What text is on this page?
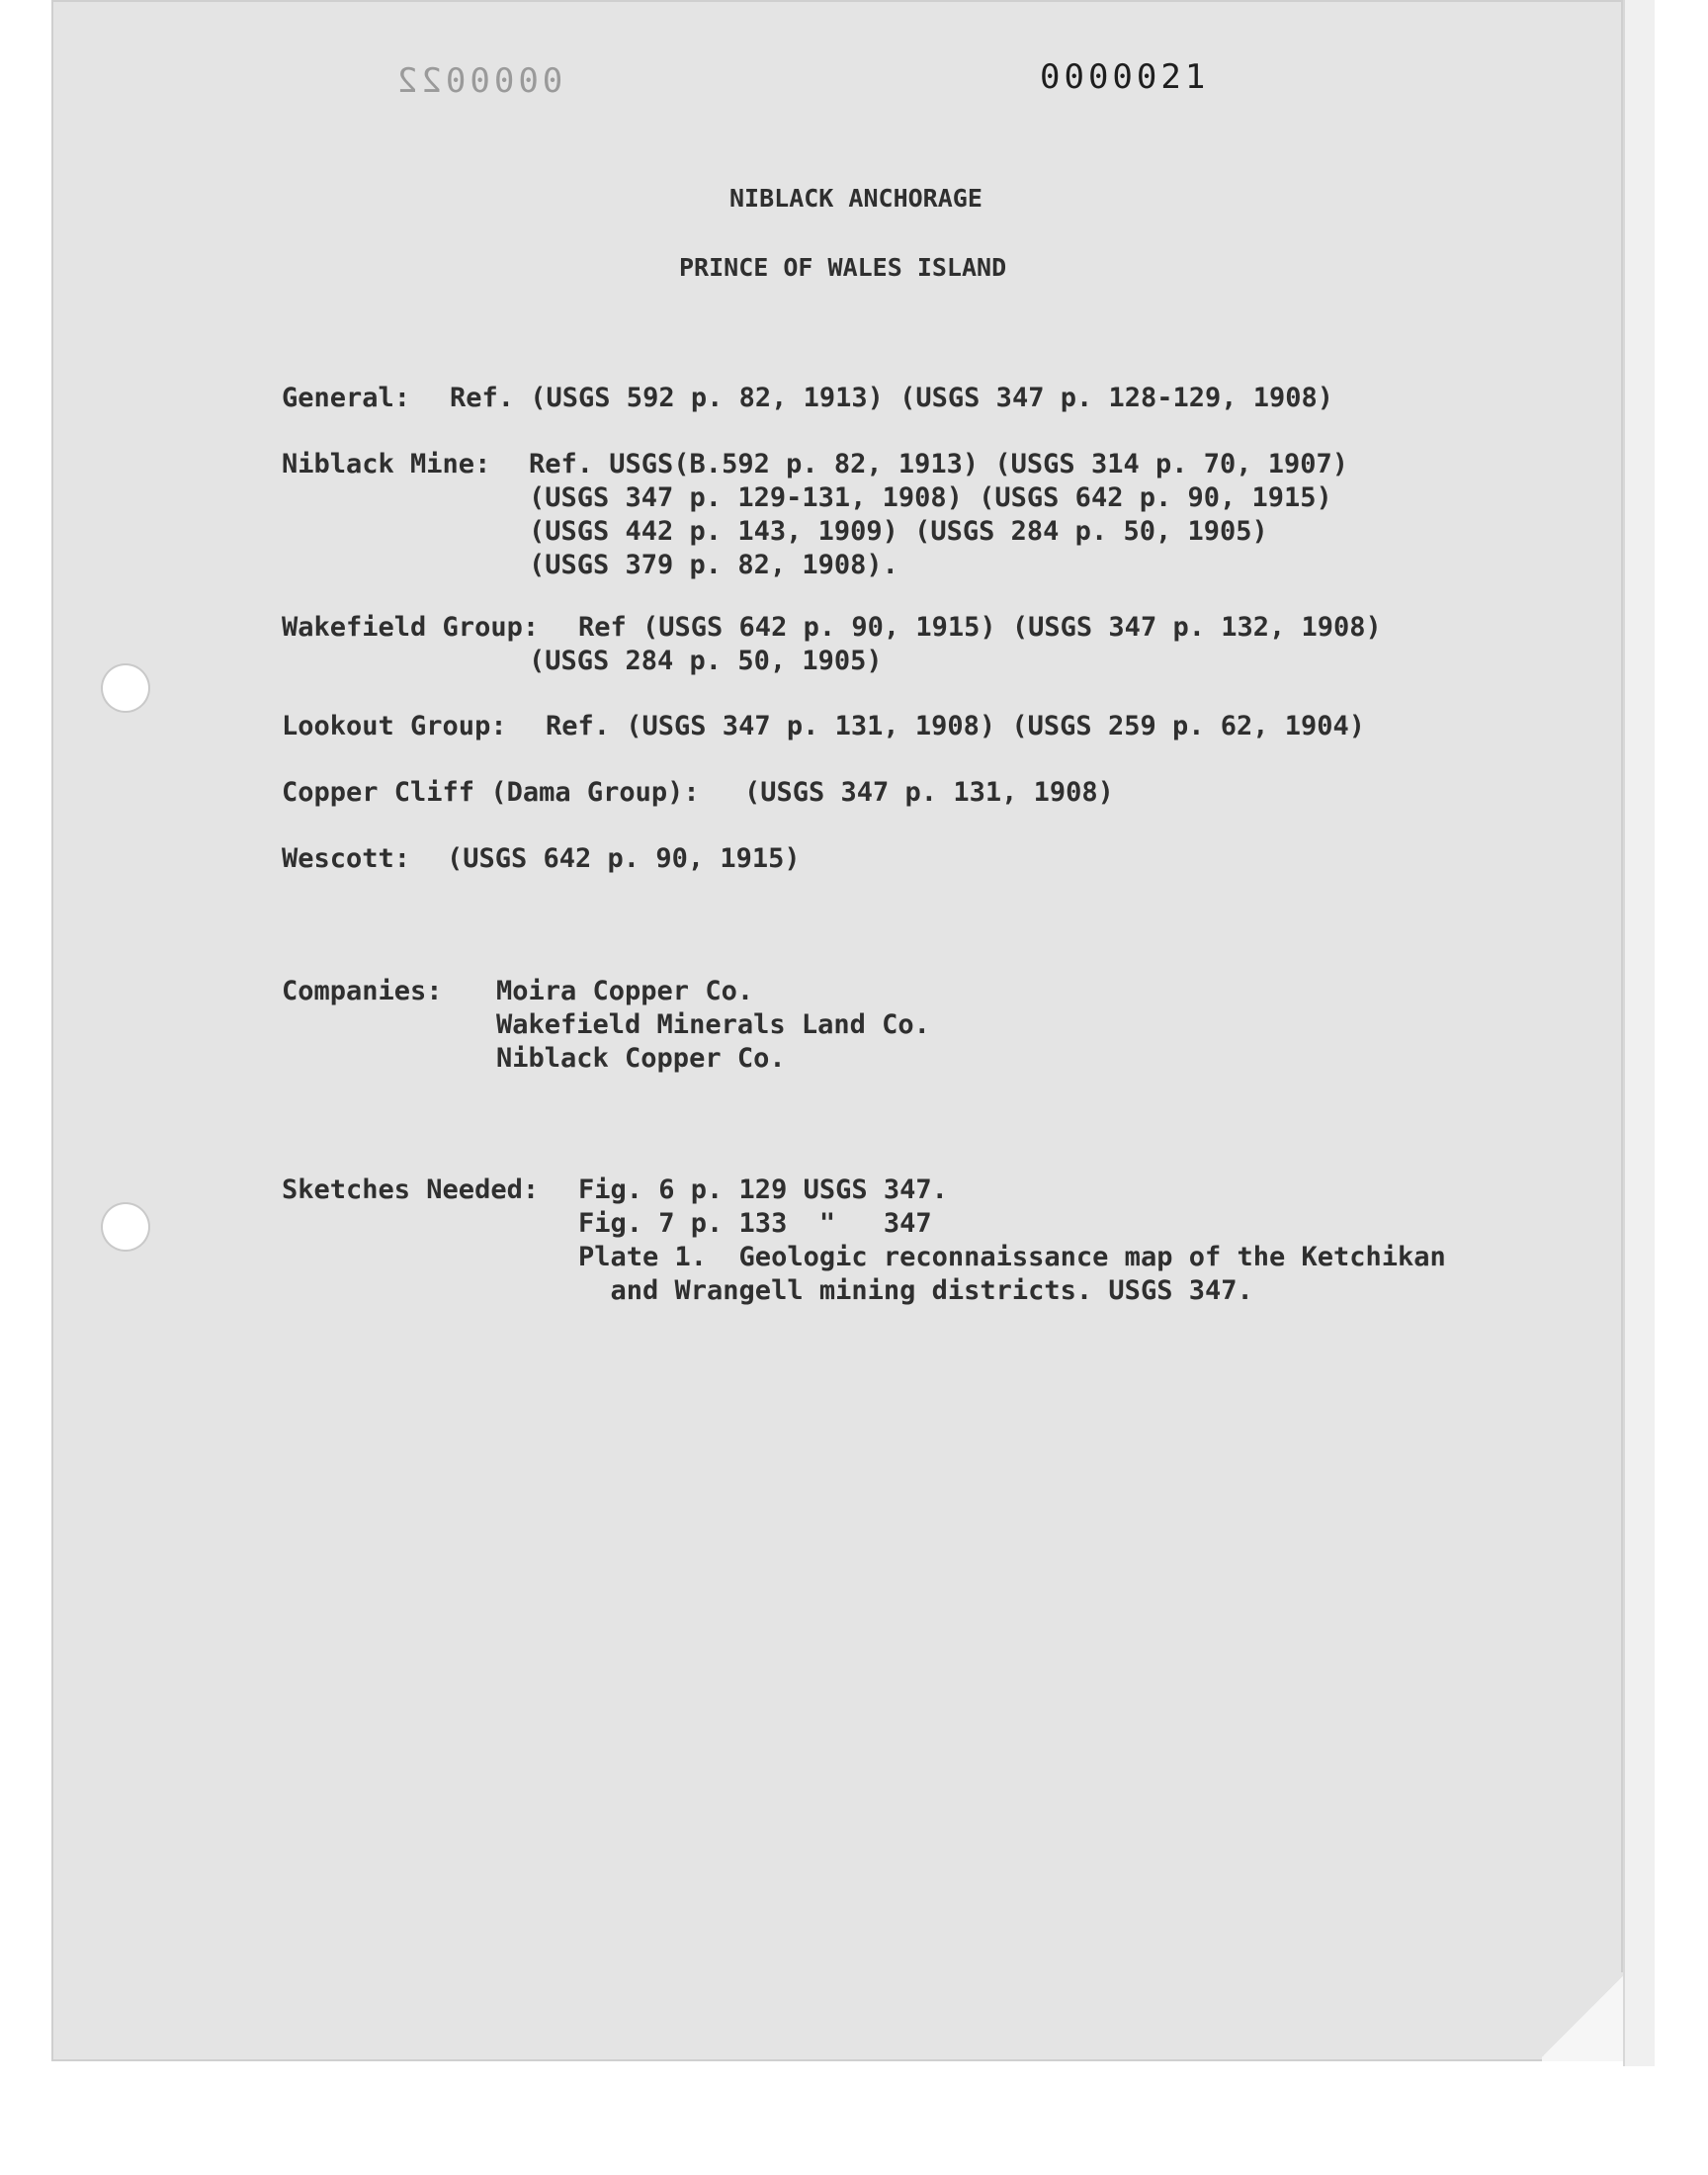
0000021
0000022
NIBLACK ANCHORAGE
PRINCE OF WALES ISLAND
General: Ref. (USGS 592 p. 82, 1913) (USGS 347 p. 128-129, 1908)
Niblack Mine: Ref. USGS(B.592 p. 82, 1913) (USGS 314 p. 70, 1907)
(USGS 347 p. 129-131, 1908) (USGS 642 p. 90, 1915)
(USGS 442 p. 143, 1909) (USGS 284 p. 50, 1905)
(USGS 379 p. 82, 1908).
Wakefield Group: Ref (USGS 642 p. 90, 1915) (USGS 347 p. 132, 1908)
(USGS 284 p. 50, 1905)
Lookout Group: Ref. (USGS 347 p. 131, 1908) (USGS 259 p. 62, 1904)
Copper Cliff (Dama Group): (USGS 347 p. 131, 1908)
Wescott: (USGS 642 p. 90, 1915)
Companies: Moira Copper Co.
Wakefield Minerals Land Co.
Niblack Copper Co.
Sketches Needed: Fig. 6 p. 129 USGS 347.
Fig. 7 p. 133  "   347
Plate 1.  Geologic reconnaissance map of the Ketchikan
and Wrangell mining districts. USGS 347.
